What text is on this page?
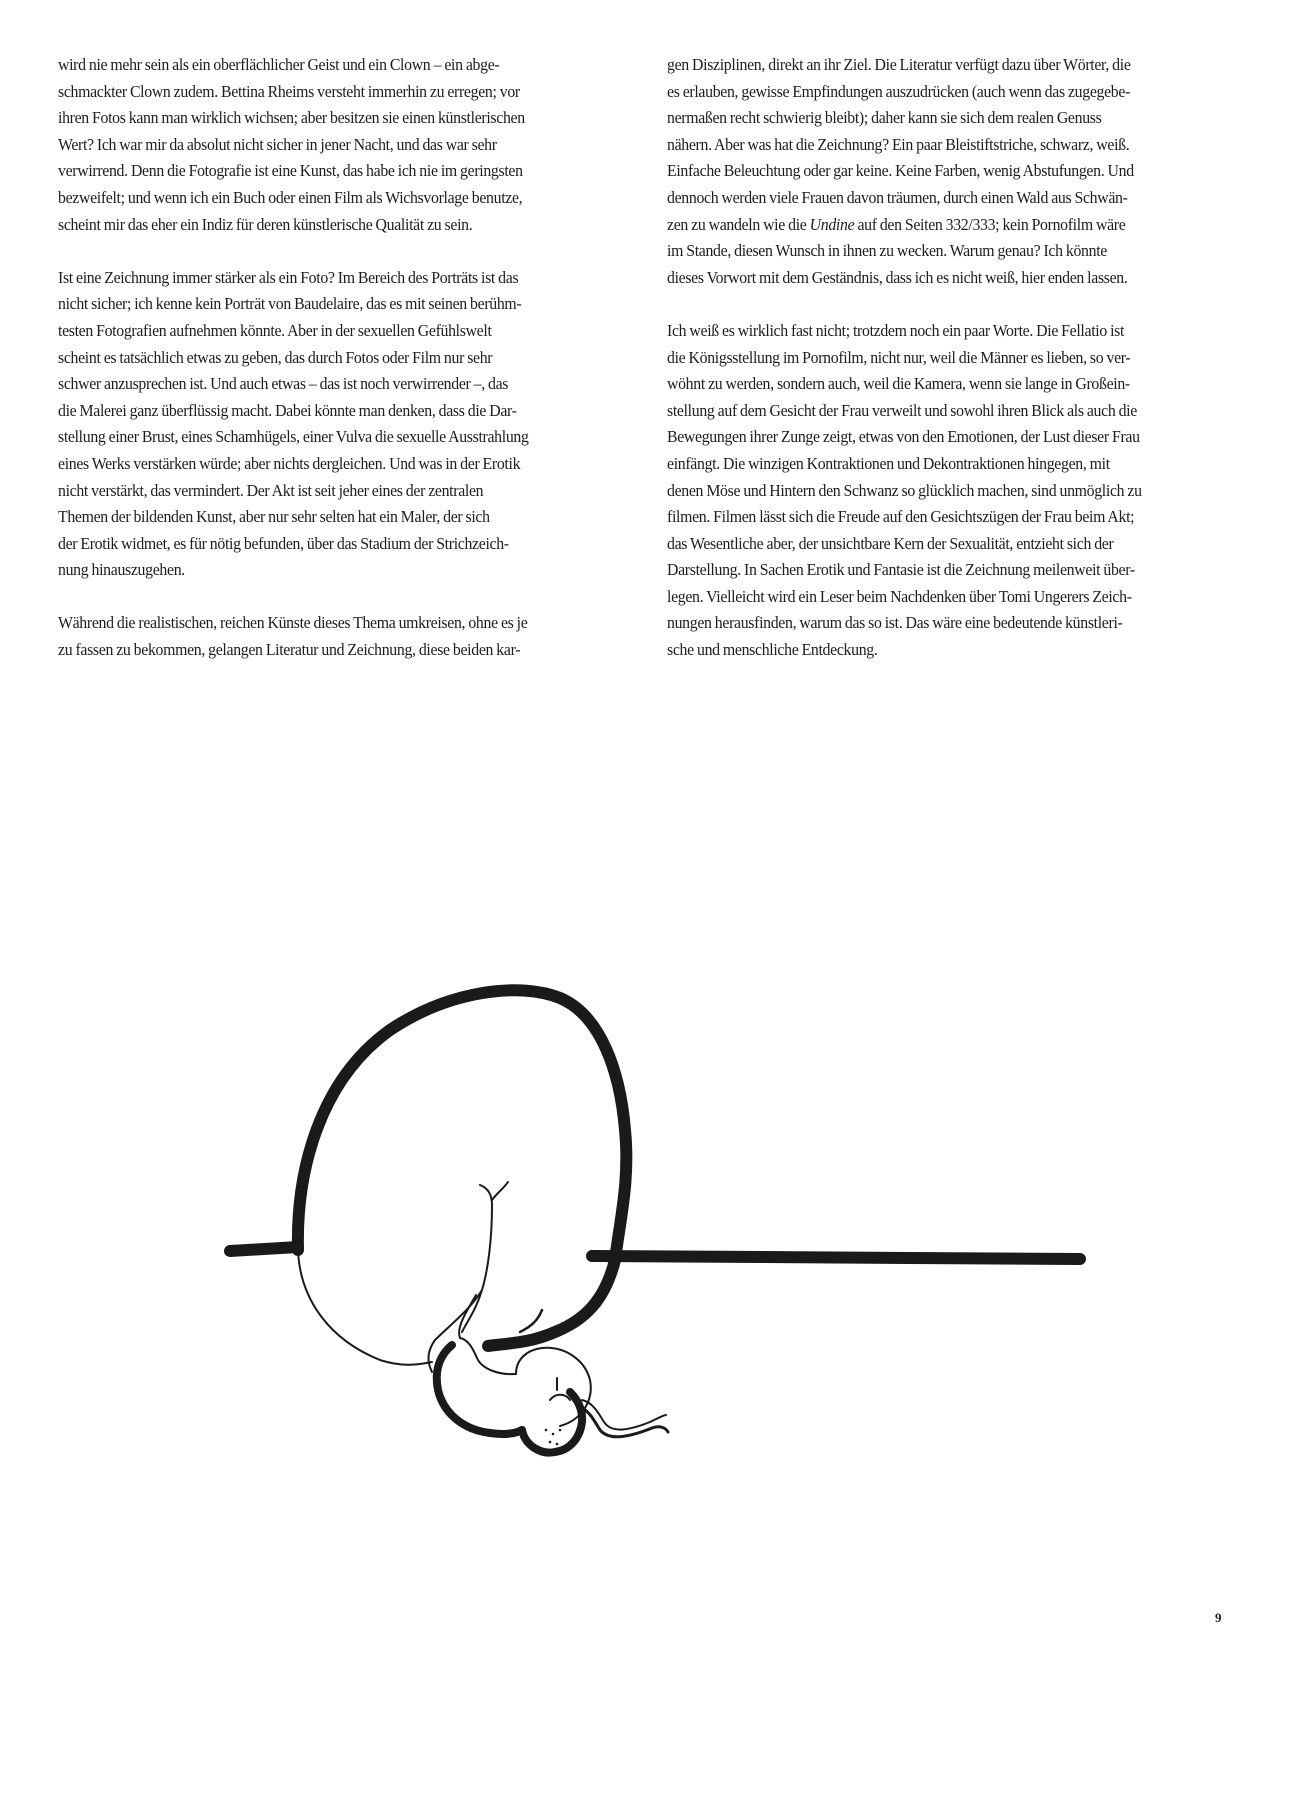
wird nie mehr sein als ein oberflächlicher Geist und ein Clown – ein abge-
schmackter Clown zudem. Bettina Rheims versteht immerhin zu erregen; vor
ihren Fotos kann man wirklich wichsen; aber besitzen sie einen künstlerischen
Wert? Ich war mir da absolut nicht sicher in jener Nacht, und das war sehr
verwirrend. Denn die Fotografie ist eine Kunst, das habe ich nie im geringsten
bezweifelt; und wenn ich ein Buch oder einen Film als Wichsvorlage benutze,
scheint mir das eher ein Indiz für deren künstlerische Qualität zu sein.
Ist eine Zeichnung immer stärker als ein Foto? Im Bereich des Porträts ist das
nicht sicher; ich kenne kein Porträt von Baudelaire, das es mit seinen berühm-
testen Fotografien aufnehmen könnte. Aber in der sexuellen Gefühlswelt
scheint es tatsächlich etwas zu geben, das durch Fotos oder Film nur sehr
schwer anzusprechen ist. Und auch etwas – das ist noch verwirrender –, das
die Malerei ganz überflüssig macht. Dabei könnte man denken, dass die Dar-
stellung einer Brust, eines Schamhügels, einer Vulva die sexuelle Ausstrahlung
eines Werks verstärken würde; aber nichts dergleichen. Und was in der Erotik
nicht verstärkt, das vermindert. Der Akt ist seit jeher eines der zentralen
Themen der bildenden Kunst, aber nur sehr selten hat ein Maler, der sich
der Erotik widmet, es für nötig befunden, über das Stadium der Strichzeich-
nung hinauszugehen.
Während die realistischen, reichen Künste dieses Thema umkreisen, ohne es je
zu fassen zu bekommen, gelangen Literatur und Zeichnung, diese beiden kar-
gen Disziplinen, direkt an ihr Ziel. Die Literatur verfügt dazu über Wörter, die
es erlauben, gewisse Empfindungen auszudrücken (auch wenn das zugegebe-
nermaßen recht schwierig bleibt); daher kann sie sich dem realen Genuss
nähern. Aber was hat die Zeichnung? Ein paar Bleistiftstriche, schwarz, weiß.
Einfache Beleuchtung oder gar keine. Keine Farben, wenig Abstufungen. Und
dennoch werden viele Frauen davon träumen, durch einen Wald aus Schwän-
zen zu wandeln wie die Undine auf den Seiten 332/333; kein Pornofilm wäre
im Stande, diesen Wunsch in ihnen zu wecken. Warum genau? Ich könnte
dieses Vorwort mit dem Geständnis, dass ich es nicht weiß, hier enden lassen.
Ich weiß es wirklich fast nicht; trotzdem noch ein paar Worte. Die Fellatio ist
die Königsstellung im Pornofilm, nicht nur, weil die Männer es lieben, so ver-
wöhnt zu werden, sondern auch, weil die Kamera, wenn sie lange in Großein-
stellung auf dem Gesicht der Frau verweilt und sowohl ihren Blick als auch die
Bewegungen ihrer Zunge zeigt, etwas von den Emotionen, der Lust dieser Frau
einfängt. Die winzigen Kontraktionen und Dekontraktionen hingegen, mit
denen Möse und Hintern den Schwanz so glücklich machen, sind unmöglich zu
filmen. Filmen lässt sich die Freude auf den Gesichtszügen der Frau beim Akt;
das Wesentliche aber, der unsichtbare Kern der Sexualität, entzieht sich der
Darstellung. In Sachen Erotik und Fantasie ist die Zeichnung meilenweit über-
legen. Vielleicht wird ein Leser beim Nachdenken über Tomi Ungerers Zeich-
nungen herausfinden, warum das so ist. Das wäre eine bedeutende künstleri-
sche und menschliche Entdeckung.
9
